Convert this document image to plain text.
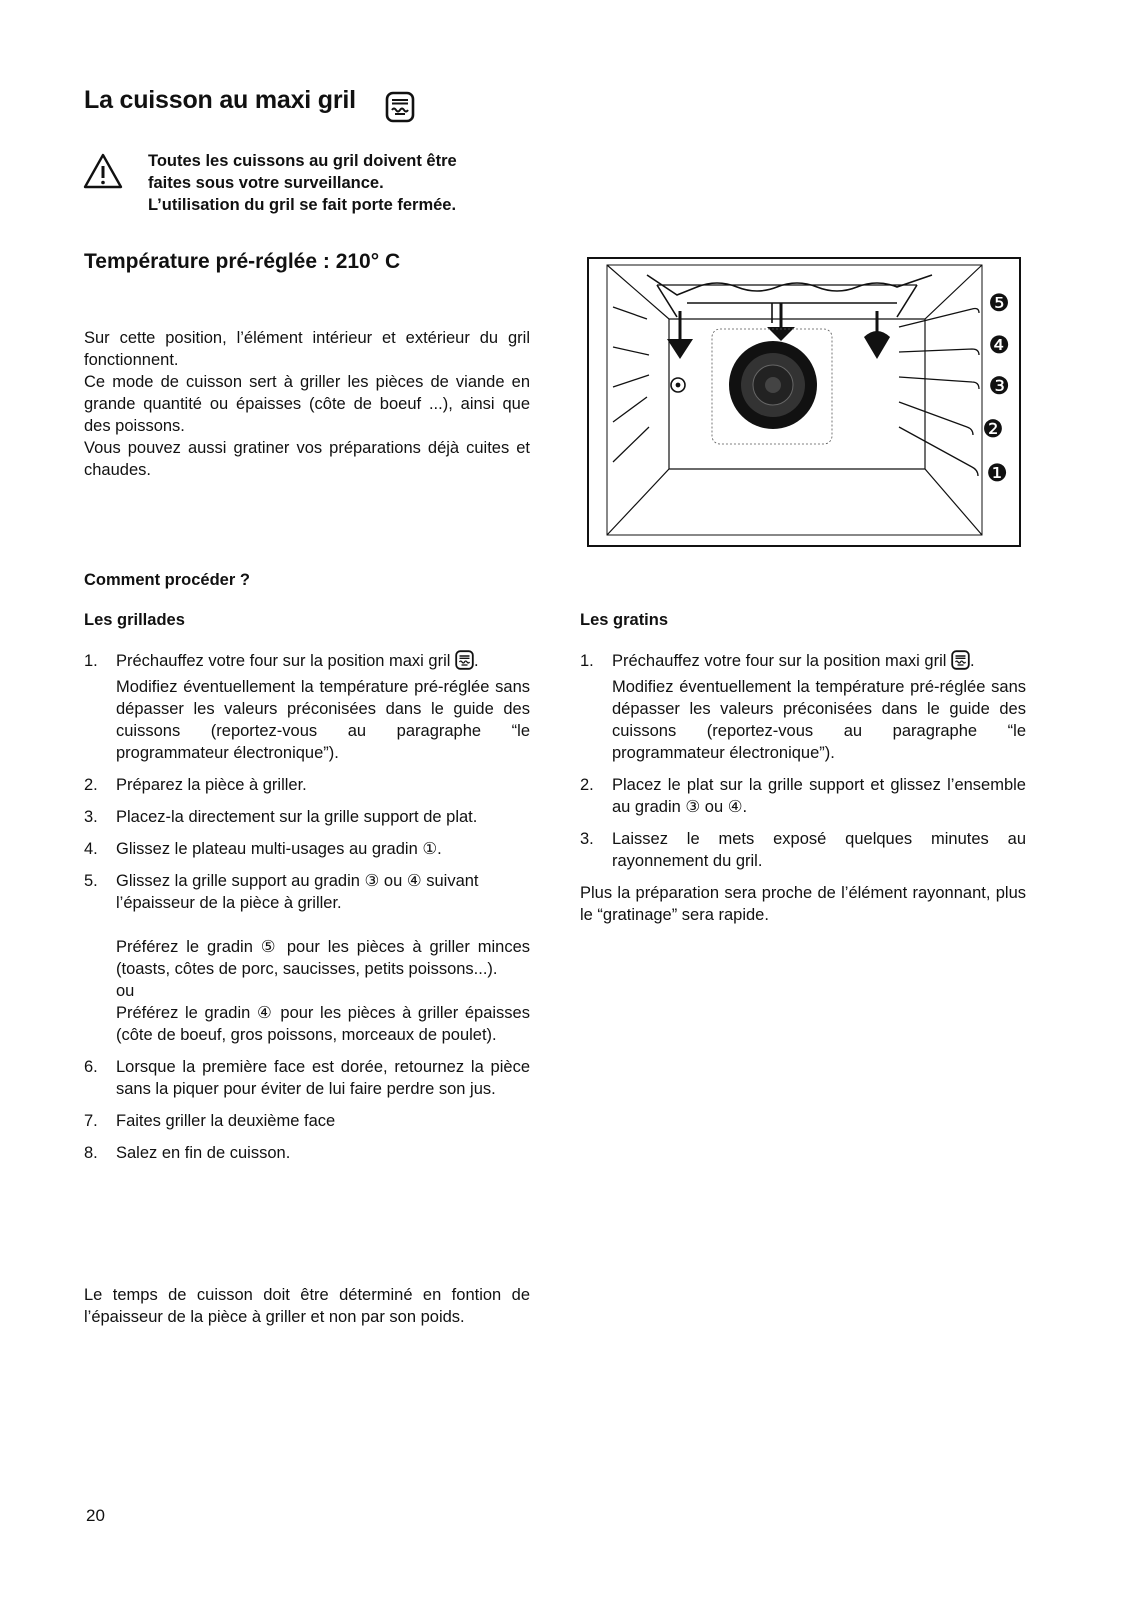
La cuisson au maxi gril
Toutes les cuissons au gril doivent être
faites sous votre surveillance.
L’utilisation du gril se fait porte fermée.
Température pré-réglée : 210° C

Sur cette position, l’élément intérieur et extérieur du gril fonctionnent.

Ce mode de cuisson sert à griller les pièces de viande en grande quantité ou épaisses (côte de boeuf ...), ainsi que des poissons.

Vous pouvez aussi gratiner vos préparations déjà cuites et chaudes.

❺
❹
❸
❷
❶
Comment procéder ?
Les grillades
1. Préchauffez votre four sur la position maxi gril .
Modifiez éventuellement la température pré-réglée sans dépasser les valeurs préconisées dans le guide des cuissons (reportez-vous au paragraphe “le programmateur électronique”).
2. Préparez la pièce à griller.
3. Placez-la directement sur la grille support de plat.
4. Glissez le plateau multi-usages au gradin ①.
5. Glissez la grille support au gradin ③ ou ④ suivant l’épaisseur de la pièce à griller.
Préférez le gradin ⑤ pour les pièces à griller minces (toasts, côtes de porc, saucisses, petits poissons...).
ou
Préférez le gradin ④ pour les pièces à griller épaisses (côte de boeuf, gros poissons, morceaux de poulet).
6. Lorsque la première face est dorée, retournez la pièce sans la piquer pour éviter de lui faire perdre son jus.
7. Faites griller la deuxième face
8. Salez en fin de cuisson.
Le temps de cuisson doit être déterminé en fontion de l’épaisseur de la pièce à griller et non par son poids.
Les gratins
1. Préchauffez votre four sur la position maxi gril .
Modifiez éventuellement la température pré-réglée sans dépasser les valeurs préconisées dans le guide des cuissons (reportez-vous au paragraphe “le programmateur électronique”).
2. Placez le plat sur la grille support et glissez l’ensemble au gradin ③ ou ④.
3. Laissez le mets exposé quelques minutes au rayonnement du gril.
Plus la préparation sera proche de l’élément rayonnant, plus le “gratinage” sera rapide.
20
